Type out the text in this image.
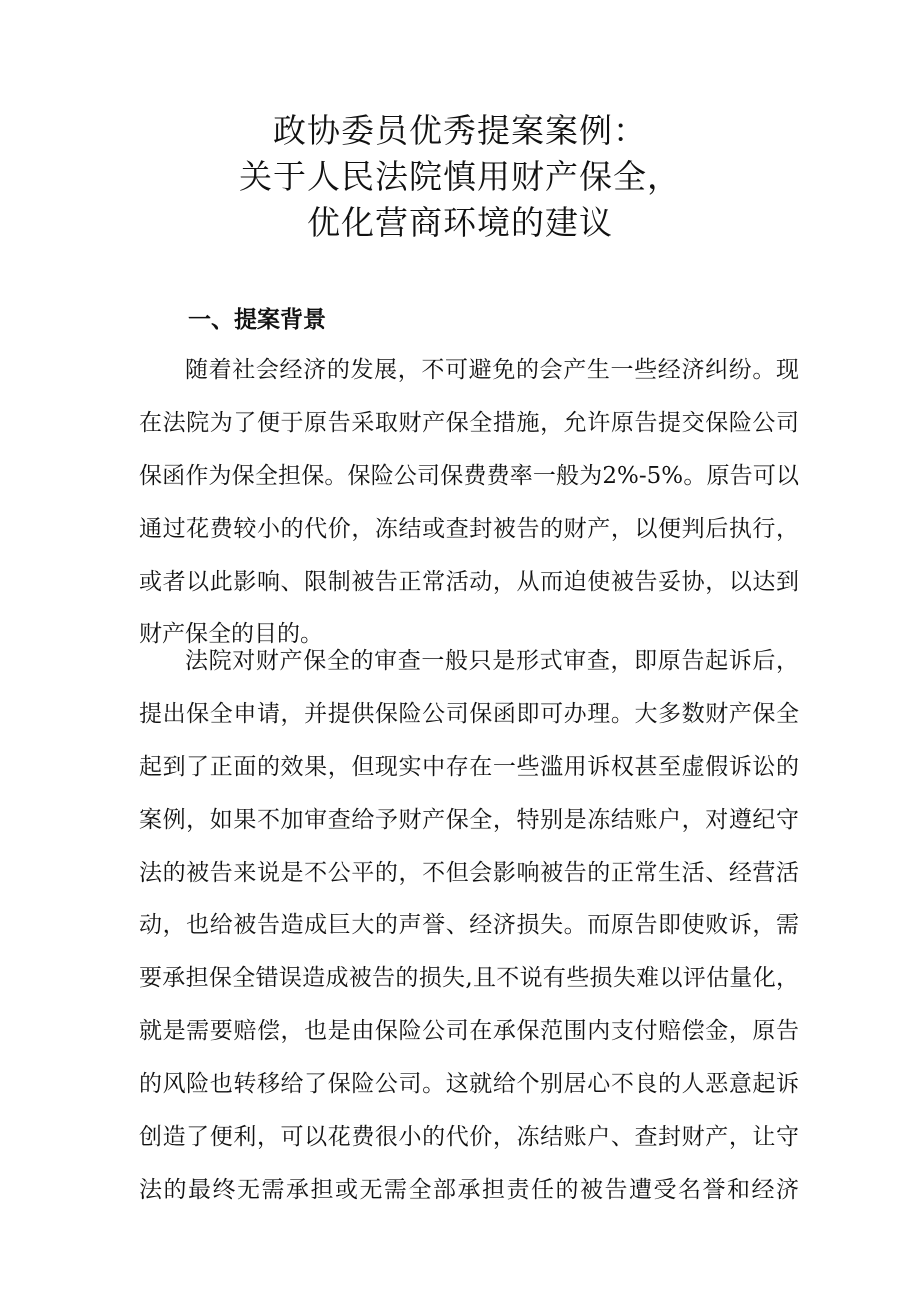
政协委员优秀提案案例：
关于人民法院慎用财产保全，
优化营商环境的建议
一、提案背景
随着社会经济的发展，不可避免的会产生一些经济纠纷。现
在法院为了便于原告采取财产保全措施，允许原告提交保险公司
保函作为保全担保。保险公司保费费率一般为2%-5%。原告可以
通过花费较小的代价，冻结或查封被告的财产，以便判后执行，
或者以此影响、限制被告正常活动，从而迫使被告妥协，以达到
财产保全的目的。
法院对财产保全的审查一般只是形式审查，即原告起诉后，
提出保全申请，并提供保险公司保函即可办理。大多数财产保全
起到了正面的效果，但现实中存在一些滥用诉权甚至虚假诉讼的
案例，如果不加审查给予财产保全，特别是冻结账户，对遵纪守
法的被告来说是不公平的，不但会影响被告的正常生活、经营活
动，也给被告造成巨大的声誉、经济损失。而原告即使败诉，需
要承担保全错误造成被告的损失,且不说有些损失难以评估量化，
就是需要赔偿，也是由保险公司在承保范围内支付赔偿金，原告
的风险也转移给了保险公司。这就给个别居心不良的人恶意起诉
创造了便利，可以花费很小的代价，冻结账户、查封财产，让守
法的最终无需承担或无需全部承担责任的被告遭受名誉和经济
